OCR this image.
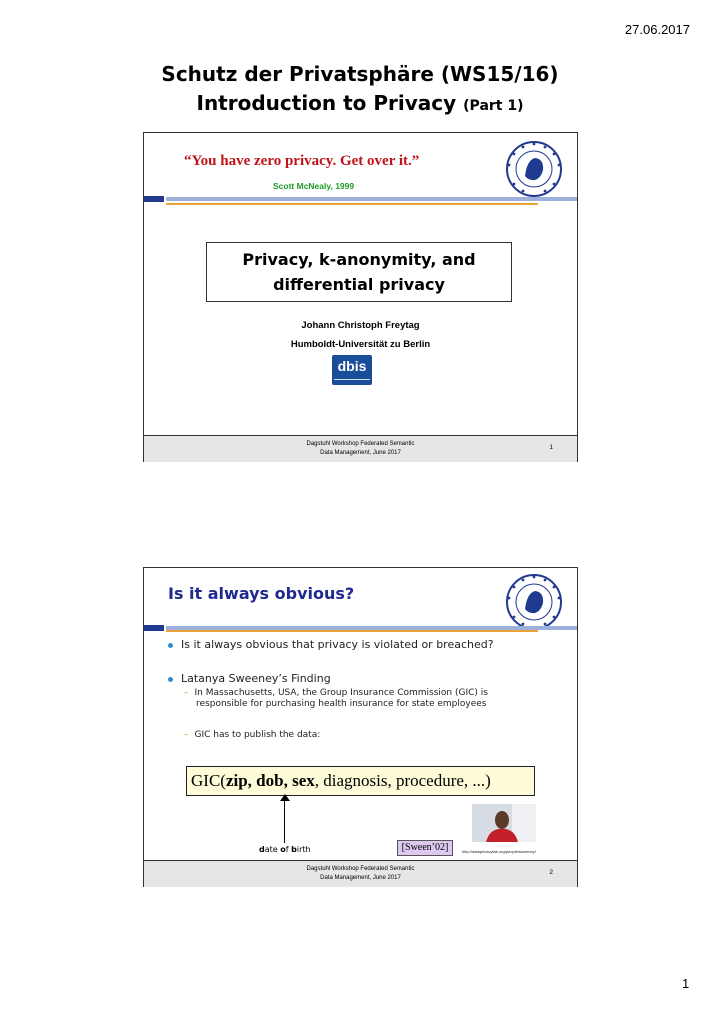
27.06.2017
Schutz der Privatsphäre (WS15/16)
Introduction to Privacy (Part 1)
“You have zero privacy. Get over it.”
Scott McNealy, 1999
Privacy, k-anonymity, and
differential privacy
Johann Christoph Freytag
Humboldt-Universität zu Berlin
dbis
Dagstuhl Workshop Federated Semantic
Data Management, June 2017
1
Is it always obvious?
Is it always obvious that privacy is violated or breached?
Latanya Sweeney’s Finding
– In Massachusetts, USA, the Group Insurance Commission (GIC) is
responsible for purchasing health insurance for state employees
– GIC has to publish the data:
GIC(zip, dob, sex, diagnosis, procedure, ...)
date of birth	[Sween’02]	http://dataprivacylab.org/people/sweeney/
Dagstuhl Workshop Federated Semantic
Data Management, June 2017
2
1
